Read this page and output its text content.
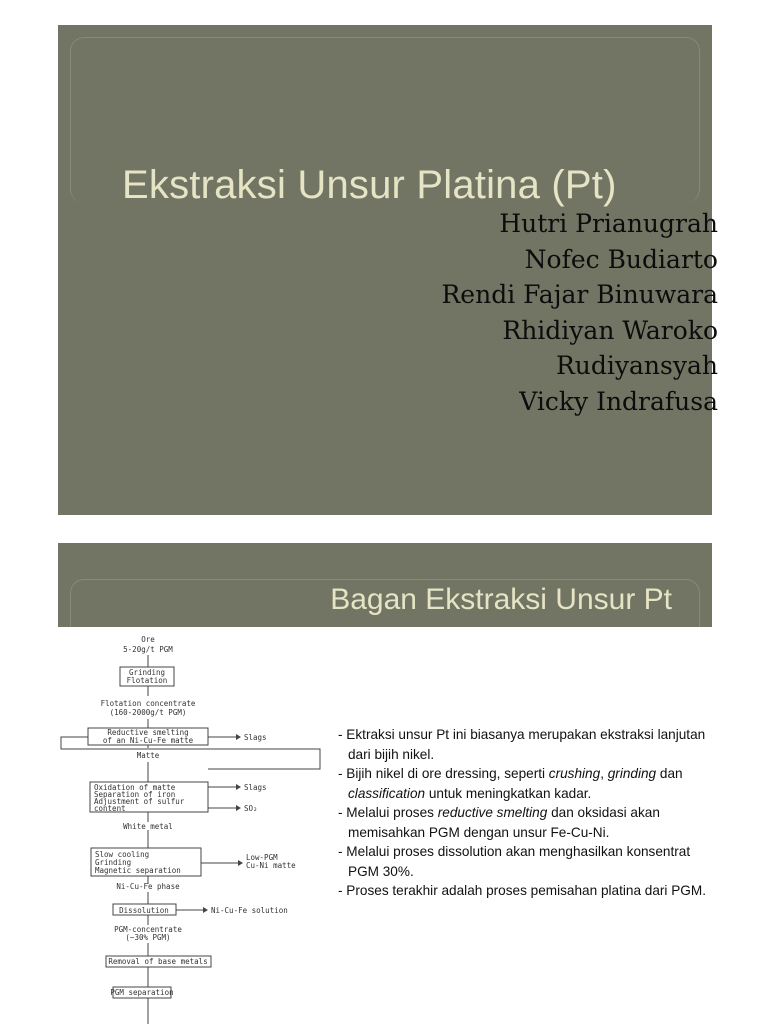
Ekstraksi Unsur Platina (Pt)
Hutri Prianugrah
Nofec Budiarto
Rendi Fajar Binuwara
Rhidiyan Waroko
Rudiyansyah
Vicky Indrafusa
Bagan Ekstraksi Unsur Pt
Ore
5-20g/t PGM
Grinding
Flotation
Flotation concentrate
(160-2000g/t PGM)
Reductive smelting
of an Ni-Cu-Fe matte	Slags
Matte
Oxidation of matte
Separation of iron
Adjustment of sulfur
content
Slags
SO₂
White metal
Slow cooling
Grinding
Magnetic separation
Low-PGM
Cu-Ni matte
Ni-Cu-Fe phase
Dissolution	Ni-Cu-Fe solution
PGM-concentrate
(~30% PGM)
Removal of base metals
PGM separation

- Ektraksi unsur Pt ini biasanya merupakan ekstraksi lanjutan dari bijih nikel.

- Bijih nikel di ore dressing, seperti crushing, grinding dan classification untuk meningkatkan kadar.

- Melalui proses reductive smelting dan oksidasi akan memisahkan PGM dengan unsur Fe-Cu-Ni.

- Melalui proses dissolution akan menghasilkan konsentrat PGM 30%.

- Proses terakhir adalah proses pemisahan platina dari PGM.
